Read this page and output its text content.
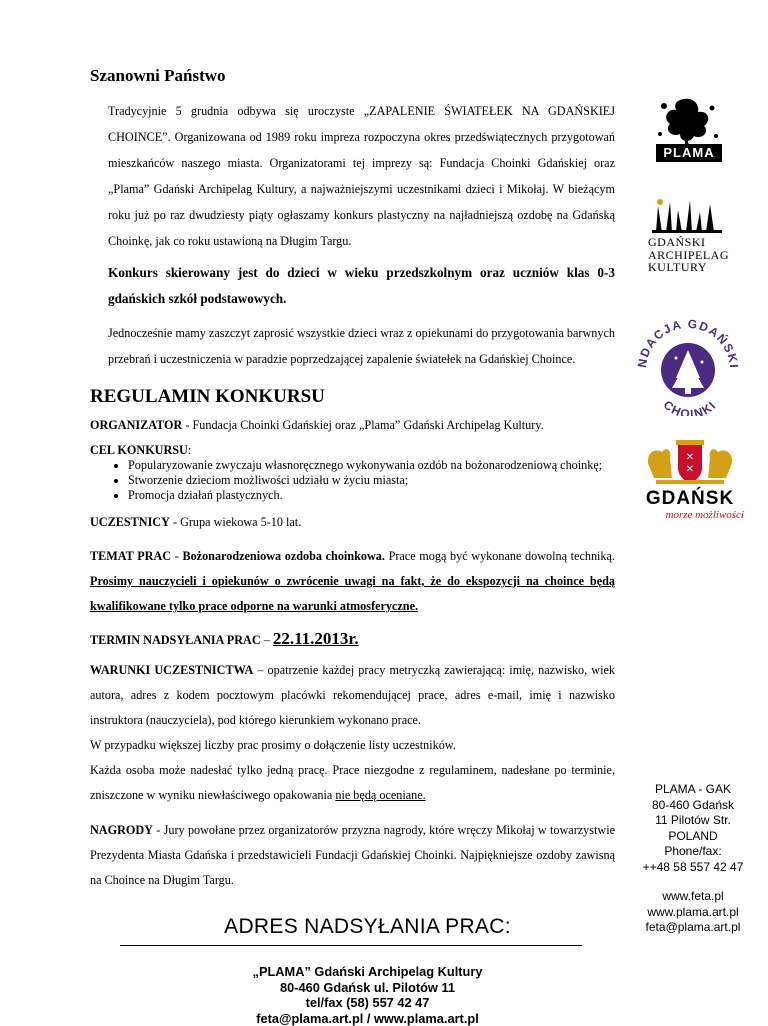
Szanowni Państwo

Tradycyjnie 5 grudnia odbywa się uroczyste „ZAPALENIE ŚWIATEŁEK NA GDAŃSKIEJ CHOINCE”. Organizowana od 1989 roku impreza rozpoczyna okres przedświątecznych przygotowań mieszkańców naszego miasta. Organizatorami tej imprezy są: Fundacja Choinki Gdańskiej oraz „Plama” Gdański Archipelag Kultury, a najważniejszymi uczestnikami dzieci i Mikołaj. W bieżącym roku już po raz dwudziesty piąty ogłaszamy konkurs plastyczny na najładniejszą ozdobę na Gdańską Choinkę, jak co roku ustawioną na Długim Targu.

Konkurs skierowany jest do dzieci w wieku przedszkolnym oraz uczniów klas 0-3 gdańskich szkół podstawowych.

Jednocześnie mamy zaszczyt zaprosić wszystkie dzieci wraz z opiekunami do przygotowania barwnych przebrań i uczestniczenia w paradzie poprzedzającej zapalenie światełek na Gdańskiej Choince.

REGULAMIN KONKURSU

ORGANIZATOR - Fundacja Choinki Gdańskiej oraz „Plama” Gdański Archipelag Kultury.

CEL KONKURSU:

• Popularyzowanie zwyczaju własnoręcznego wykonywania ozdób na bożonarodzeniową choinkę;
• Stworzenie dzieciom możliwości udziału w życiu miasta;
• Promocja działań plastycznych.

UCZESTNICY - Grupa wiekowa 5-10 lat.

TEMAT PRAC - Bożonarodzeniowa ozdoba choinkowa. Prace mogą być wykonane dowolną techniką. Prosimy nauczycieli i opiekunów o zwrócenie uwagi na fakt, że do ekspozycji na choince będą kwalifikowane tylko prace odporne na warunki atmosferyczne.

TERMIN NADSYŁANIA PRAC – 22.11.2013r.

WARUNKI UCZESTNICTWA – opatrzenie każdej pracy metryczką zawierającą: imię, nazwisko, wiek autora, adres z kodem pocztowym placówki rekomendującej prace, adres e-mail, imię i nazwisko instruktora (nauczyciela), pod którego kierunkiem wykonano prace.
W przypadku większej liczby prac prosimy o dołączenie listy uczestników.
Każda osoba może nadesłać tylko jedną pracę. Prace niezgodne z regulaminem, nadesłane po terminie, zniszczone w wyniku niewłaściwego opakowania nie będą oceniane.

NAGRODY - Jury powołane przez organizatorów przyzna nagrody, które wręczy Mikołaj w towarzystwie Prezydenta Miasta Gdańska i przedstawicieli Fundacji Gdańskiej Choinki. Najpiękniejsze ozdoby zawisną na Choince na Długim Targu.

ADRES NADSYŁANIA PRAC:
„PLAMA” Gdański Archipelag Kultury
80-460 Gdańsk ul. Pilotów 11
tel/fax (58) 557 42 47
feta@plama.art.pl / www.plama.art.pl
PLAMA
GDAŃSKI
ARCHIPELAG
KULTURY
NDACJA GDAŃSKI
CHOINKI
✕
✕
GDAŃSK
morze możliwości
PLAMA - GAK
80-460 Gdańsk
11 Pilotów Str.
POLAND
Phone/fax:
++48 58 557 42 47
www.feta.pl
www.plama.art.pl
feta@plama.art.pl
